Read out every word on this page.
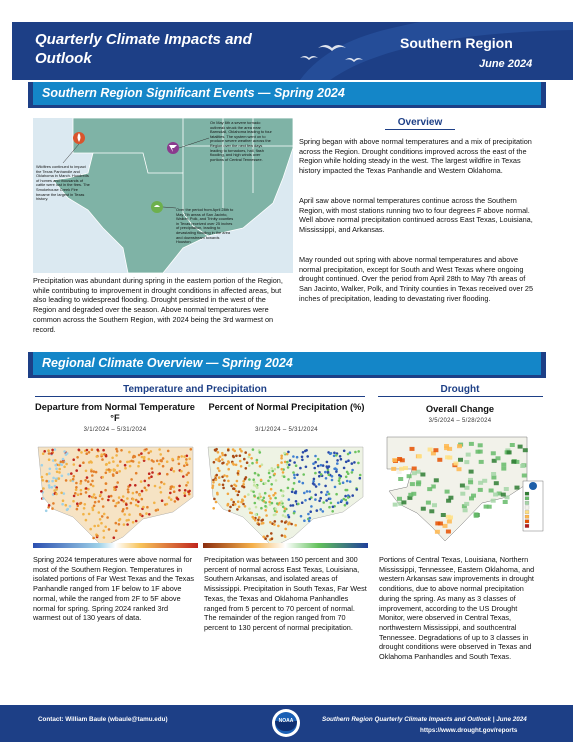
Quarterly Climate Impacts and Outlook
Southern Region
June 2024
Southern Region Significant Events — Spring 2024
Wildfires continued to impact the Texas Panhandle and Oklahoma in March. Hundreds of homes and thousands of cattle were lost in the fires. The Smokehouse Creek Fire became the largest in Texas history.
On May 6th a severe tornado outbreak struck the area near Barnsdall, Oklahoma leading to four fatalities. The system went on to produce severe weather across the Region over the next few days leading to tornadoes, hail, flash flooding, and high winds over portions of Central Tennessee.
Over the period from April 28th to May 7th areas of San Jacinto, Walker, Polk, and Trinity counties in Texas received over 25 inches of precipitation, leading to devastating flooding in the area and downstream towards Houston.
Precipitation was abundant during spring in the eastern portion of the Region, while contributing to improvement in drought conditions in affected areas, but also leading to widespread flooding. Drought persisted in the west of the Region and degraded over the season. Above normal temperatures were common across the Southern Region, with 2024 being the 3rd warmest on record.
Overview
Spring began with above normal temperatures and a mix of precipitation across the Region. Drought conditions improved across the east of the Region while holding steady in the west. The largest wildfire in Texas history impacted the Texas Panhandle and Western Oklahoma.
April saw above normal temperatures continue across the Southern Region, with most stations running two to four degrees F above normal. Well above normal precipitation continued across East Texas, Louisiana, Mississippi, and Arkansas.
May rounded out spring with above normal temperatures and above normal precipitation, except for South and West Texas where ongoing drought continued. Over the period from April 28th to May 7th areas of San Jacinto, Walker, Polk, and Trinity counties in Texas received over 25 inches of precipitation, leading to devastating river flooding.
Regional Climate Overview — Spring 2024
Temperature and Precipitation	Drought
Departure from Normal Temperature °F
3/1/2024 – 5/31/2024
Spring 2024 temperatures were above normal for most of the Southern Region. Temperatures in isolated portions of Far West Texas and the Texas Panhandle ranged from 1F below to 1F above normal, while the ranged from 2F to 5F above normal for spring. Spring 2024 ranked 3rd warmest out of 130 years of data.
Percent of Normal Precipitation (%)
3/1/2024 – 5/31/2024
Precipitation was between 150 percent and 300 percent of normal across East Texas, Louisiana, Southern Arkansas, and isolated areas of Mississippi. Precipitation in South Texas, Far West Texas, the Texas and Oklahoma Panhandles ranged from 5 percent to 70 percent of normal. The remainder of the region ranged from 70 percent to 130 percent of normal precipitation.
Overall Change
3/5/2024 – 5/28/2024
Portions of Central Texas, Louisiana, Northern Mississippi, Tennessee, Eastern Oklahoma, and western Arkansas saw improvements in drought conditions, due to above normal precipitation during the spring. As many as 3 classes of improvement, according to the US Drought Monitor, were observed in Central Texas, northwestern Mississippi, and southcentral Tennessee. Degradations of up to 3 classes in drought conditions were observed in Texas and Oklahoma Panhandles and South Texas.
Contact: William Baule (wbaule@tamu.edu)	NOAA	Southern Region Quarterly Climate Impacts and Outlook | June 2024
https://www.drought.gov/reports
